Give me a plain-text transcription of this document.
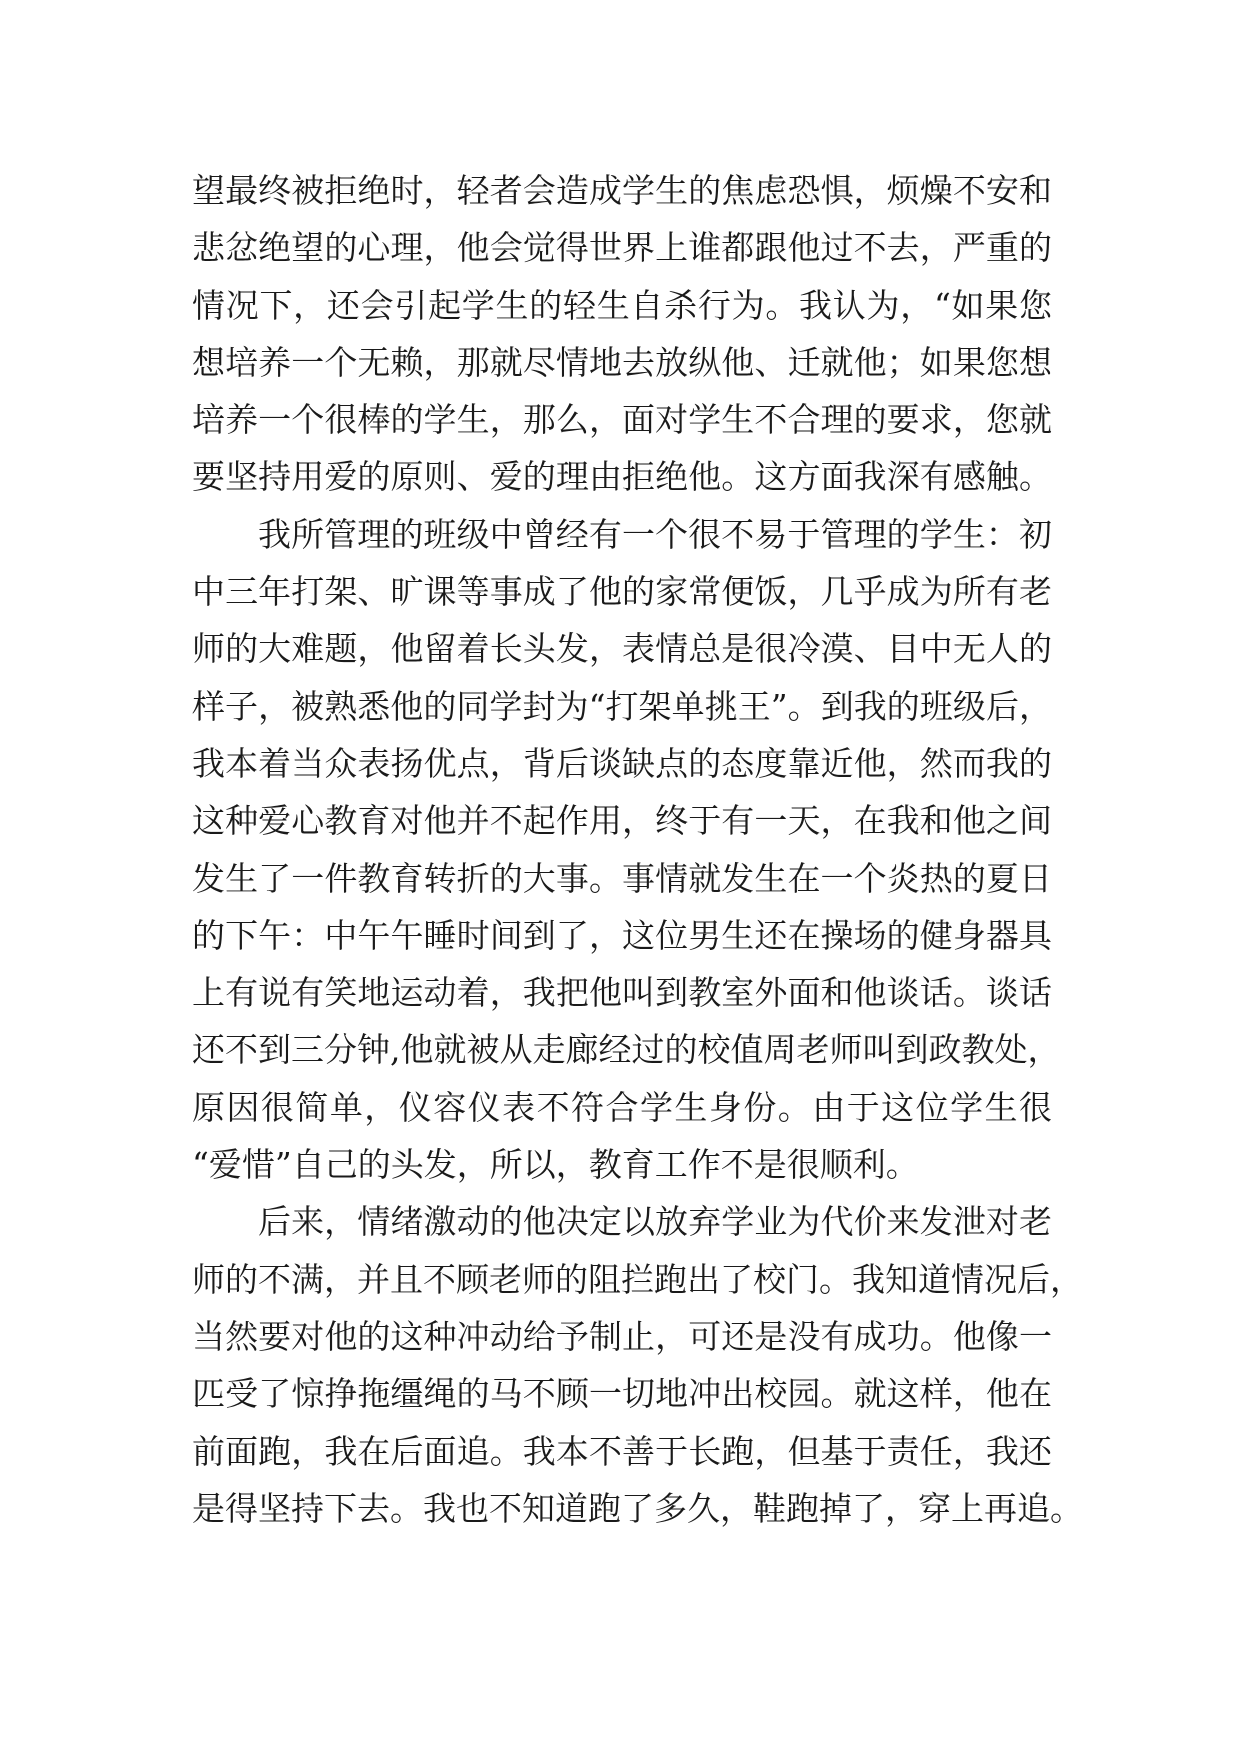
望最终被拒绝时，轻者会造成学生的焦虑恐惧，烦燥不安和
悲忿绝望的心理，他会觉得世界上谁都跟他过不去，严重的
情况下，还会引起学生的轻生自杀行为。我认为，“如果您
想培养一个无赖，那就尽情地去放纵他、迁就他；如果您想
培养一个很棒的学生，那么，面对学生不合理的要求，您就
要坚持用爱的原则、爱的理由拒绝他。这方面我深有感触。
我所管理的班级中曾经有一个很不易于管理的学生：初
中三年打架、旷课等事成了他的家常便饭，几乎成为所有老
师的大难题，他留着长头发，表情总是很冷漠、目中无人的
样子，被熟悉他的同学封为“打架单挑王”。到我的班级后，
我本着当众表扬优点，背后谈缺点的态度靠近他，然而我的
这种爱心教育对他并不起作用，终于有一天，在我和他之间
发生了一件教育转折的大事。事情就发生在一个炎热的夏日
的下午：中午午睡时间到了，这位男生还在操场的健身器具
上有说有笑地运动着，我把他叫到教室外面和他谈话。谈话
还不到三分钟,他就被从走廊经过的校值周老师叫到政教处，
原因很简单，仪容仪表不符合学生身份。由于这位学生很
“爱惜”自己的头发，所以，教育工作不是很顺利。
后来，情绪激动的他决定以放弃学业为代价来发泄对老
师的不满，并且不顾老师的阻拦跑出了校门。我知道情况后，
当然要对他的这种冲动给予制止，可还是没有成功。他像一
匹受了惊挣拖缰绳的马不顾一切地冲出校园。就这样，他在
前面跑，我在后面追。我本不善于长跑，但基于责任，我还
是得坚持下去。我也不知道跑了多久，鞋跑掉了，穿上再追。
